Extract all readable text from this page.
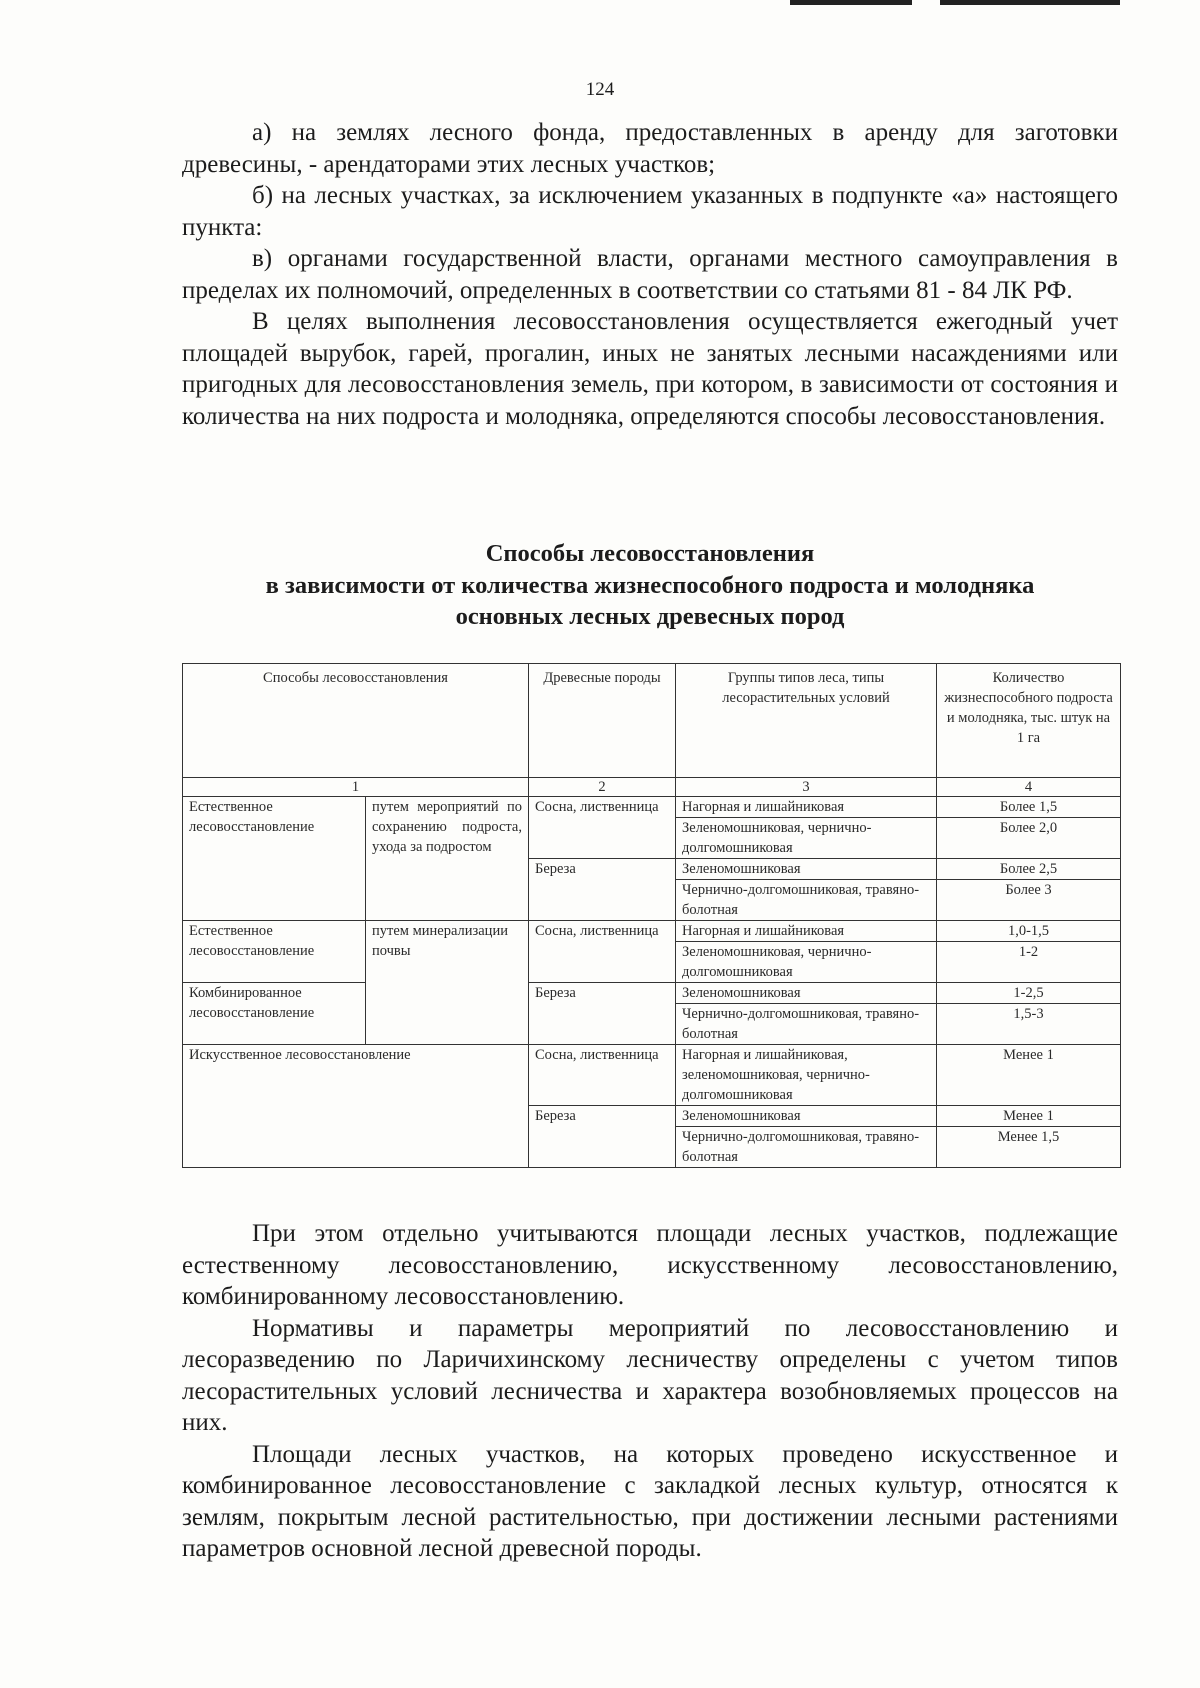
124

а) на землях лесного фонда, предоставленных в аренду для заготовки древесины, - арендаторами этих лесных участков;

б) на лесных участках, за исключением указанных в подпункте «а» настоящего пункта:

в) органами государственной власти, органами местного самоуправления в пределах их полномочий, определенных в соответствии со статьями 81 - 84 ЛК РФ.

В целях выполнения лесовосстановления осуществляется ежегодный учет площадей вырубок, гарей, прогалин, иных не занятых лесными насаждениями или пригодных для лесовосстановления земель, при котором, в зависимости от состояния и количества на них подроста и молодняка, определяются способы лесовосстановления.

Способы лесовосстановления
в зависимости от количества жизнеспособного подроста и молодняка
основных лесных древесных пород
Способы лесовосстановления		Древесные породы	Группы типов леса, типы лесорастительных условий	Количество жизнеспособного подроста и молодняка, тыс. штук на 1 га
1		2	3	4
Естественное лесовосстановление	путем мероприятий по сохранению подроста, ухода за подростом	Сосна, лиственница	Нагорная и лишайниковая	Более 1,5
			Зеленомошниковая, чернично-долгомошниковая	Более 2,0
		Береза	Зеленомошниковая	Более 2,5
			Чернично-долгомошниковая, травяно-болотная	Более 3
Естественное лесовосстановление	путем минерализации почвы	Сосна, лиственница	Нагорная и лишайниковая	1,0-1,5
			Зеленомошниковая, чернично-долгомошниковая	1-2
Комбинированное лесовосстановление		Береза	Зеленомошниковая	1-2,5
			Чернично-долгомошниковая, травяно-болотная	1,5-3
Искусственное лесовосстановление		Сосна, лиственница	Нагорная и лишайниковая, зеленомошниковая, чернично-долгомошниковая	Менее 1
		Береза	Зеленомошниковая	Менее 1
			Чернично-долгомошниковая, травяно-болотная	Менее 1,5

При этом отдельно учитываются площади лесных участков, подлежащие естественному лесовосстановлению, искусственному лесовосстановлению, комбинированному лесовосстановлению.

Нормативы и параметры мероприятий по лесовосстановлению и лесоразведению по Ларичихинскому лесничеству определены с учетом типов лесорастительных условий лесничества и характера возобновляемых процессов на них.

Площади лесных участков, на которых проведено искусственное и комбинированное лесовосстановление с закладкой лесных культур, относятся к землям, покрытым лесной растительностью, при достижении лесными растениями параметров основной лесной древесной породы.
